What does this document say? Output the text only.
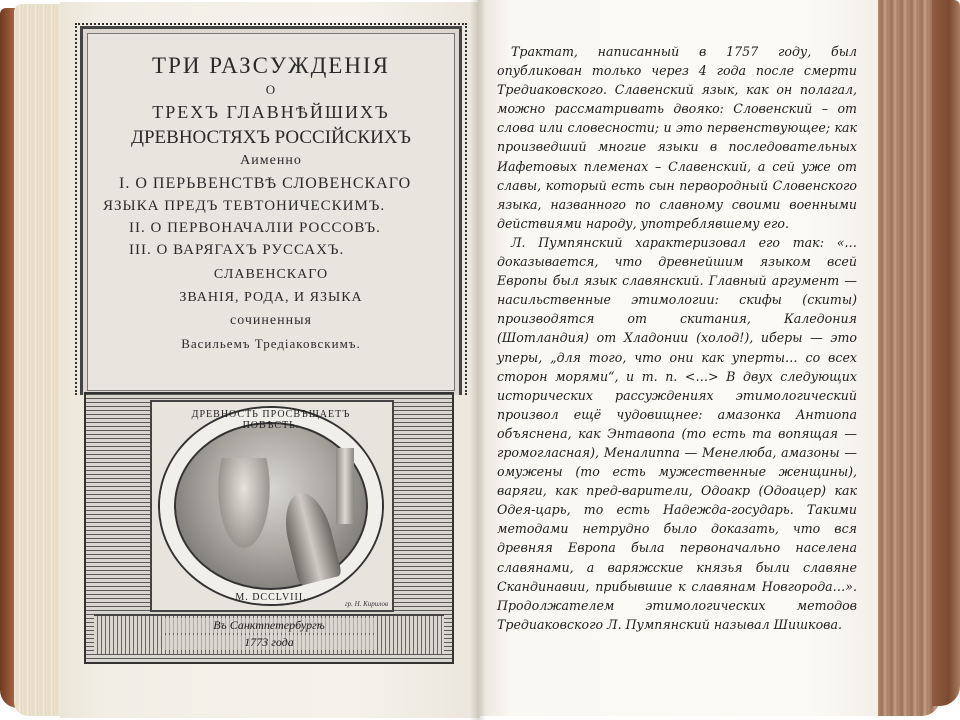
ТРИ РАЗСУЖДЕНІЯ
О
ТРЕХЪ ГЛАВНѢЙШИХЪ
ДРЕВНОСТЯХЪ РОССІЙСКИХЪ
Аименно
І. О ПЕРЬВЕНСТВѢ СЛОВЕНСКАГО
ЯЗЫКА ПРЕДЪ ТЕВТОНИЧЕСКИМЪ.
ІІ. О ПЕРВОНАЧАЛІИ РОССОВЪ.
ІІІ. О ВАРЯГАХЪ РУССАХЪ.
СЛАВЕНСКАГО
ЗВАНІЯ, РОДА, И ЯЗЫКА
сочиненныя
Васильемъ Тредіаковскимъ.
ДРЕВНОСТЬ ПРОСВѢЩАЕТЪ ПОВѢСТЬ.
M. DCCLVIII.
гр. Н. Кирилов
Въ Санктпетербургѣ
1773 года

Трактат, написанный в 1757 году, был опубликован только через 4 года после смерти Тредиаковского. Славенский язык, как он полагал, можно рассматривать двояко: Словенский – от слова или словесности; и это первенствующее; как произведший многие языки в последовательных Иафетовых племенах – Славенский, а сей уже от славы, который есть сын первородный Словенского языка, названного по славному своими военными действиями народу, употреблявшему его.

Л. Пумпянский характеризовал его так: «…доказывается, что древнейшим языком всей Европы был язык славянский. Главный аргумент — насильственные этимологии: скифы (скиты) производятся от скитания, Каледония (Шотландия) от Хладонии (холод!), иберы — это уперы, „для того, что они как уперты… со всех сторон морями“, и т. п. <…> В двух следующих исторических рассуждениях этимологический произвол ещё чудовищнее: амазонка Антиопа объяснена, как Энтавопа (то есть та вопящая — громогласная), Меналиппа — Менелюба, амазоны — омужены (то есть мужественные женщины), варяги, как пред-варители, Одоакр (Одоацер) как Одея-царь, то есть Надежда-государь. Такими методами нетрудно было доказать, что вся древняя Европа была первоначально населена славянами, а варяжские князья были славяне Скандинавии, прибывшие к славянам Новгорода…». Продолжателем этимологических методов Тредиаковского Л. Пумпянский называл Шишкова.
